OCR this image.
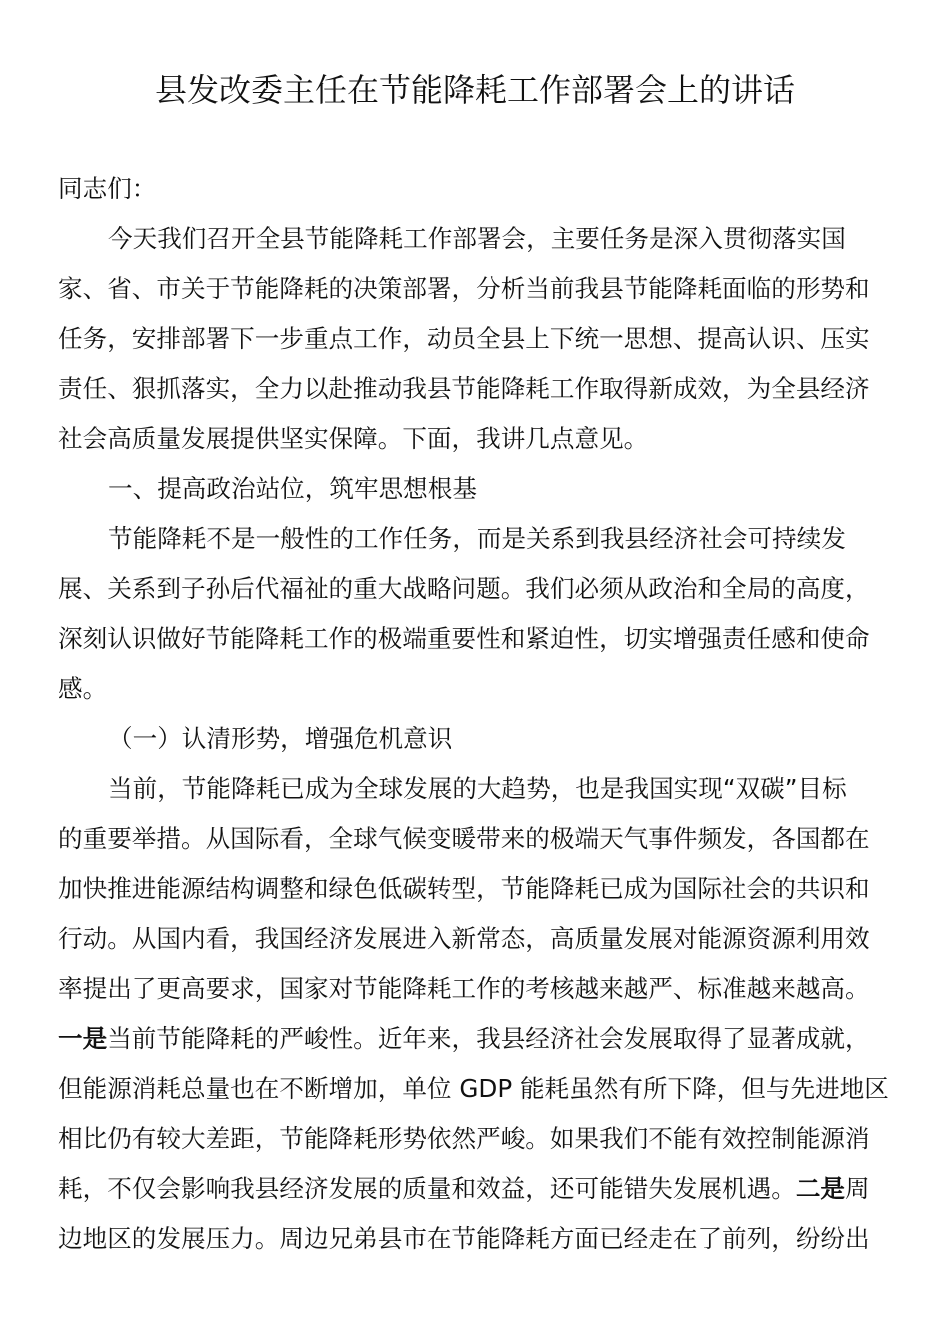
县发改委主任在节能降耗工作部署会上的讲话
同志们：
今天我们召开全县节能降耗工作部署会，主要任务是深入贯彻落实国
家、省、市关于节能降耗的决策部署，分析当前我县节能降耗面临的形势和
任务，安排部署下一步重点工作，动员全县上下统一思想、提高认识、压实
责任、狠抓落实，全力以赴推动我县节能降耗工作取得新成效，为全县经济
社会高质量发展提供坚实保障。下面，我讲几点意见。
一、提高政治站位，筑牢思想根基
节能降耗不是一般性的工作任务，而是关系到我县经济社会可持续发
展、关系到子孙后代福祉的重大战略问题。我们必须从政治和全局的高度，
深刻认识做好节能降耗工作的极端重要性和紧迫性，切实增强责任感和使命
感。
（一）认清形势，增强危机意识
当前，节能降耗已成为全球发展的大趋势，也是我国实现“双碳”目标
的重要举措。从国际看，全球气候变暖带来的极端天气事件频发，各国都在
加快推进能源结构调整和绿色低碳转型，节能降耗已成为国际社会的共识和
行动。从国内看，我国经济发展进入新常态，高质量发展对能源资源利用效
率提出了更高要求，国家对节能降耗工作的考核越来越严、标准越来越高。
一是当前节能降耗的严峻性。近年来，我县经济社会发展取得了显著成就，
但能源消耗总量也在不断增加，单位 GDP 能耗虽然有所下降，但与先进地区
相比仍有较大差距，节能降耗形势依然严峻。如果我们不能有效控制能源消
耗，不仅会影响我县经济发展的质量和效益，还可能错失发展机遇。二是周
边地区的发展压力。周边兄弟县市在节能降耗方面已经走在了前列，纷纷出
